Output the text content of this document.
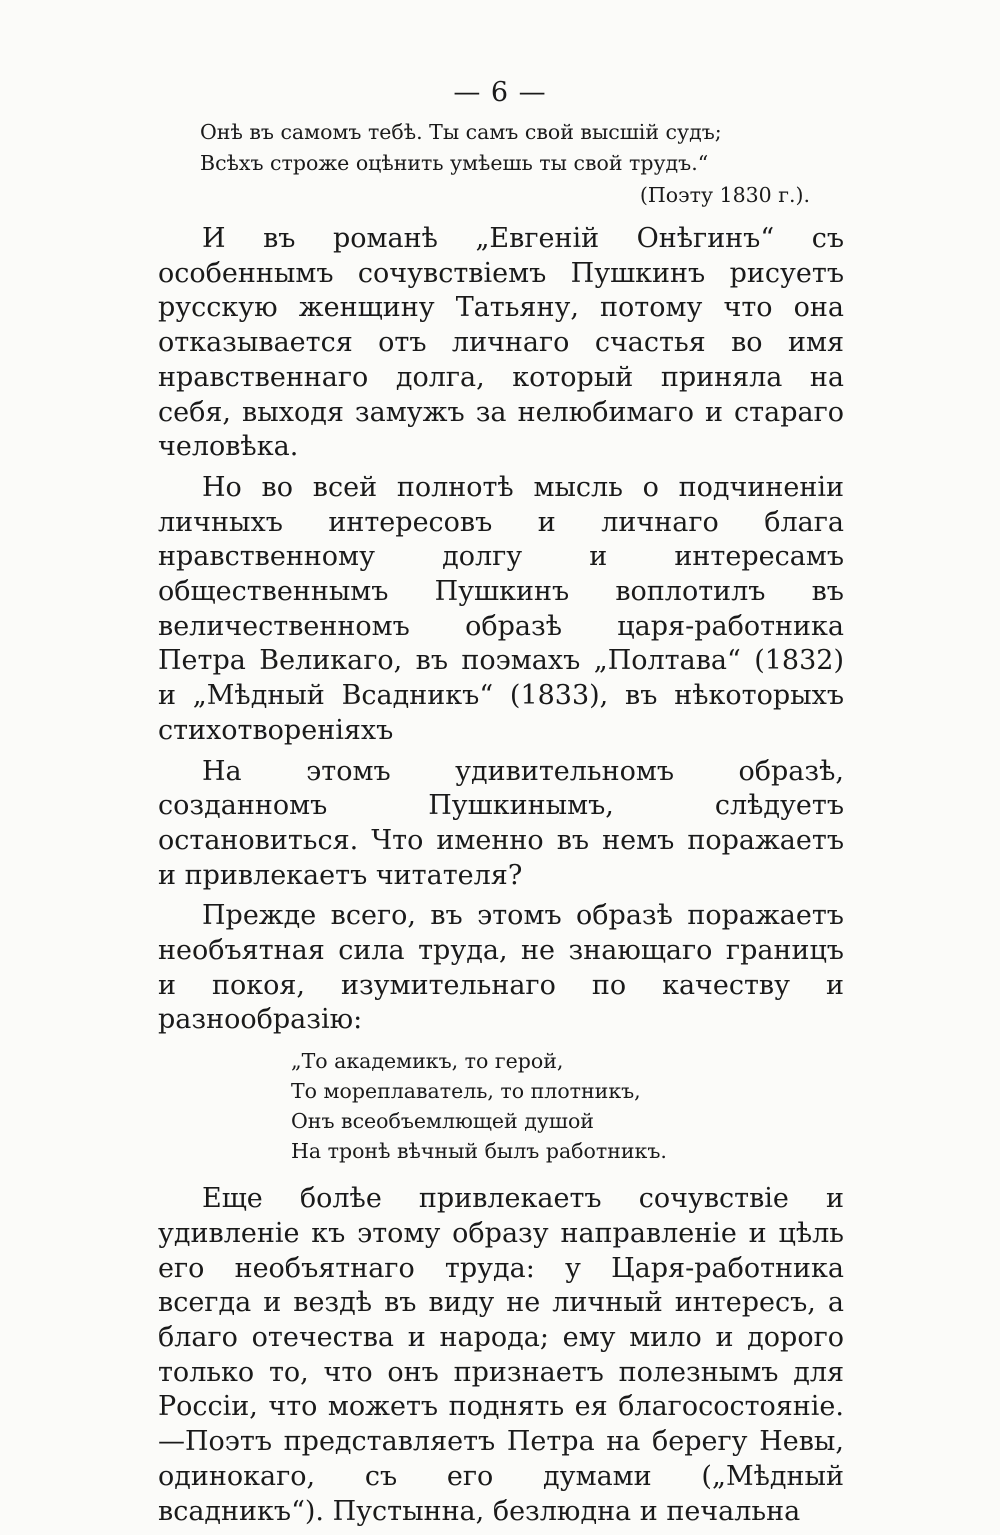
— 6 —
Онѣ въ самомъ тебѣ. Ты самъ свой высшій судъ;
Всѣхъ строже оцѣнить умѣешь ты свой трудъ.“
(Поэту 1830 г.).

И въ романѣ „Евгеній Онѣгинъ“ съ особеннымъ сочувствіемъ Пушкинъ рисуетъ русскую женщину Татьяну, потому что она отказывается отъ личнаго счастья во имя нравственнаго долга, который приняла на себя, выходя замужъ за нелюбимаго и стараго человѣка.

Но во всей полнотѣ мысль о подчиненіи личныхъ интересовъ и личнаго блага нравственному долгу и интересамъ общественнымъ Пушкинъ воплотилъ въ величественномъ образѣ царя-работника Петра Великаго, въ поэмахъ „Полтава“ (1832) и „Мѣдный Всадникъ“ (1833), въ нѣкоторыхъ стихотвореніяхъ

На этомъ удивительномъ образѣ, созданномъ Пушкинымъ, слѣдуетъ остановиться. Что именно въ немъ поражаетъ и привлекаетъ читателя?

Прежде всего, въ этомъ образѣ поражаетъ необъятная сила труда, не знающаго границъ и покоя, изумительнаго по качеству и разнообразію:

„То академикъ, то герой,
То мореплаватель, то плотникъ,
Онъ всеобъемлющей душой
На тронѣ вѣчный былъ работникъ.

Еще болѣе привлекаетъ сочувствіе и удивленіе къ этому образу направленіе и цѣль его необъятнаго труда: у Царя-работника всегда и вездѣ въ виду не личный интересъ, а благо отечества и народа; ему мило и дорого только то, что онъ признаетъ полезнымъ для Россіи, что можетъ поднять ея благосостояніе.—Поэтъ представляетъ Петра на берегу Невы, одинокаго, съ его думами („Мѣдный всадникъ“). Пустынна, безлюдна и печальна
